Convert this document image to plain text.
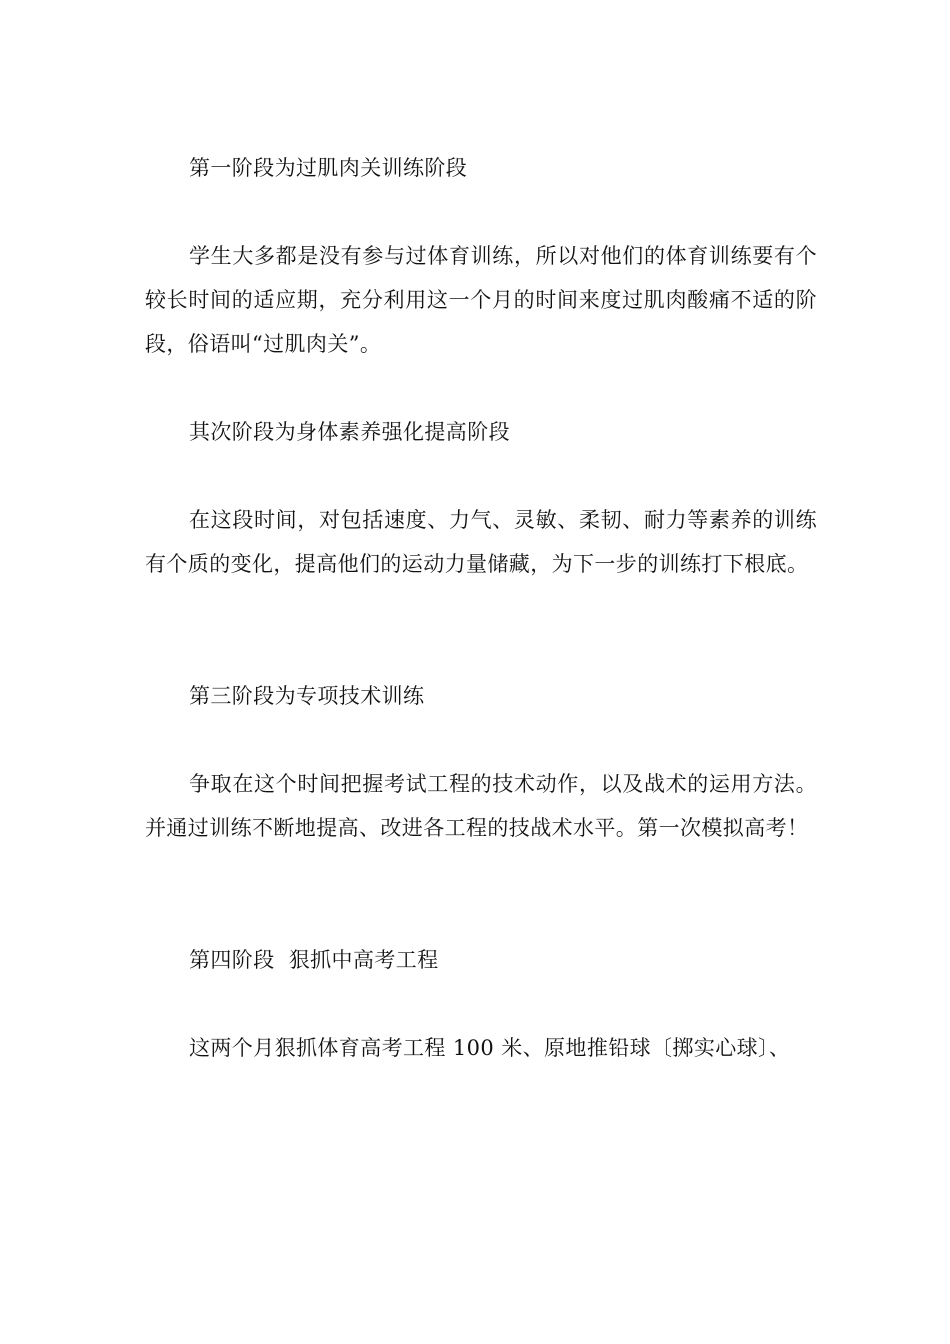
第一阶段为过肌肉关训练阶段

学生大多都是没有参与过体育训练，所以对他们的体育训练要有个较长时间的适应期，充分利用这一个月的时间来度过肌肉酸痛不适的阶段，俗语叫“过肌肉关”。

其次阶段为身体素养强化提高阶段

在这段时间，对包括速度、力气、灵敏、柔韧、耐力等素养的训练有个质的变化，提高他们的运动力量储藏，为下一步的训练打下根底。

第三阶段为专项技术训练

争取在这个时间把握考试工程的技术动作，以及战术的运用方法。并通过训练不断地提高、改进各工程的技战术水平。第一次模拟高考！

第四阶段  狠抓中高考工程

这两个月狠抓体育高考工程 100 米、原地推铅球〔掷实心球〕、
